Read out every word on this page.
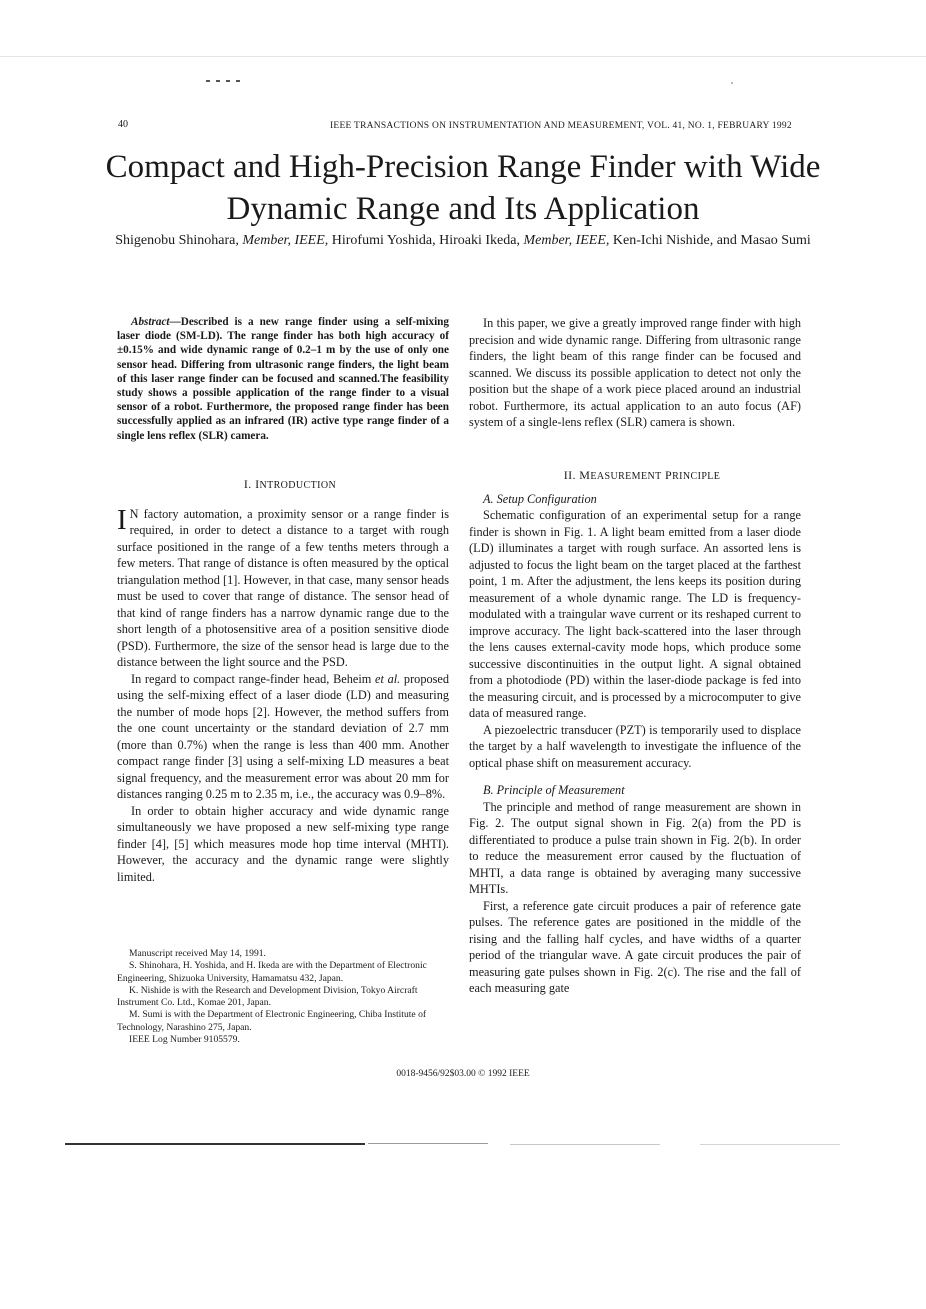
40	IEEE TRANSACTIONS ON INSTRUMENTATION AND MEASUREMENT, VOL. 41, NO. 1, FEBRUARY 1992
Compact and High-Precision Range Finder with Wide Dynamic Range and Its Application
Shigenobu Shinohara, Member, IEEE, Hirofumi Yoshida, Hiroaki Ikeda, Member, IEEE, Ken-Ichi Nishide, and Masao Sumi

Abstract—Described is a new range finder using a self-mixing laser diode (SM-LD). The range finder has both high accuracy of ±0.15% and wide dynamic range of 0.2–1 m by the use of only one sensor head. Differing from ultrasonic range finders, the light beam of this laser range finder can be focused and scanned.The feasibility study shows a possible application of the range finder to a visual sensor of a robot. Furthermore, the proposed range finder has been successfully applied as an infrared (IR) active type range finder of a single lens reflex (SLR) camera.

I. INTRODUCTION

I N factory automation, a proximity sensor or a range finder is required, in order to detect a distance to a target with rough surface positioned in the range of a few tenths meters through a few meters. That range of distance is often measured by the optical triangulation method [1]. However, in that case, many sensor heads must be used to cover that range of distance. The sensor head of that kind of range finders has a narrow dynamic range due to the short length of a photosensitive area of a position sensitive diode (PSD). Furthermore, the size of the sensor head is large due to the distance between the light source and the PSD.

In regard to compact range-finder head, Beheim et al. proposed using the self-mixing effect of a laser diode (LD) and measuring the number of mode hops [2]. However, the method suffers from the one count uncertainty or the standard deviation of 2.7 mm (more than 0.7%) when the range is less than 400 mm. Another compact range finder [3] using a self-mixing LD measures a beat signal frequency, and the measurement error was about 20 mm for distances ranging 0.25 m to 2.35 m, i.e., the accuracy was 0.9–8%.

In order to obtain higher accuracy and wide dynamic range simultaneously we have proposed a new self-mixing type range finder [4], [5] which measures mode hop time interval (MHTI). However, the accuracy and the dynamic range were slightly limited.

Manuscript received May 14, 1991.

S. Shinohara, H. Yoshida, and H. Ikeda are with the Department of Electronic Engineering, Shizuoka University, Hamamatsu 432, Japan.

K. Nishide is with the Research and Development Division, Tokyo Aircraft Instrument Co. Ltd., Komae 201, Japan.

M. Sumi is with the Department of Electronic Engineering, Chiba Institute of Technology, Narashino 275, Japan.

IEEE Log Number 9105579.

In this paper, we give a greatly improved range finder with high precision and wide dynamic range. Differing from ultrasonic range finders, the light beam of this range finder can be focused and scanned. We discuss its possible application to detect not only the position but the shape of a work piece placed around an industrial robot. Furthermore, its actual application to an auto focus (AF) system of a single-lens reflex (SLR) camera is shown.

II. MEASUREMENT PRINCIPLE

A. Setup Configuration

Schematic configuration of an experimental setup for a range finder is shown in Fig. 1. A light beam emitted from a laser diode (LD) illuminates a target with rough surface. An assorted lens is adjusted to focus the light beam on the target placed at the farthest point, 1 m. After the adjustment, the lens keeps its position during measurement of a whole dynamic range. The LD is frequency-modulated with a traingular wave current or its reshaped current to improve accuracy. The light back-scattered into the laser through the lens causes external-cavity mode hops, which produce some successive discontinuities in the output light. A signal obtained from a photodiode (PD) within the laser-diode package is fed into the measuring circuit, and is processed by a microcomputer to give data of measured range.

A piezoelectric transducer (PZT) is temporarily used to displace the target by a half wavelength to investigate the influence of the optical phase shift on measurement accuracy.

B. Principle of Measurement

The principle and method of range measurement are shown in Fig. 2. The output signal shown in Fig. 2(a) from the PD is differentiated to produce a pulse train shown in Fig. 2(b). In order to reduce the measurement error caused by the fluctuation of MHTI, a data range is obtained by averaging many successive MHTIs.

First, a reference gate circuit produces a pair of reference gate pulses. The reference gates are positioned in the middle of the rising and the falling half cycles, and have widths of a quarter period of the triangular wave. A gate circuit produces the pair of measuring gate pulses shown in Fig. 2(c). The rise and the fall of each measuring gate

0018-9456/92$03.00 © 1992 IEEE
